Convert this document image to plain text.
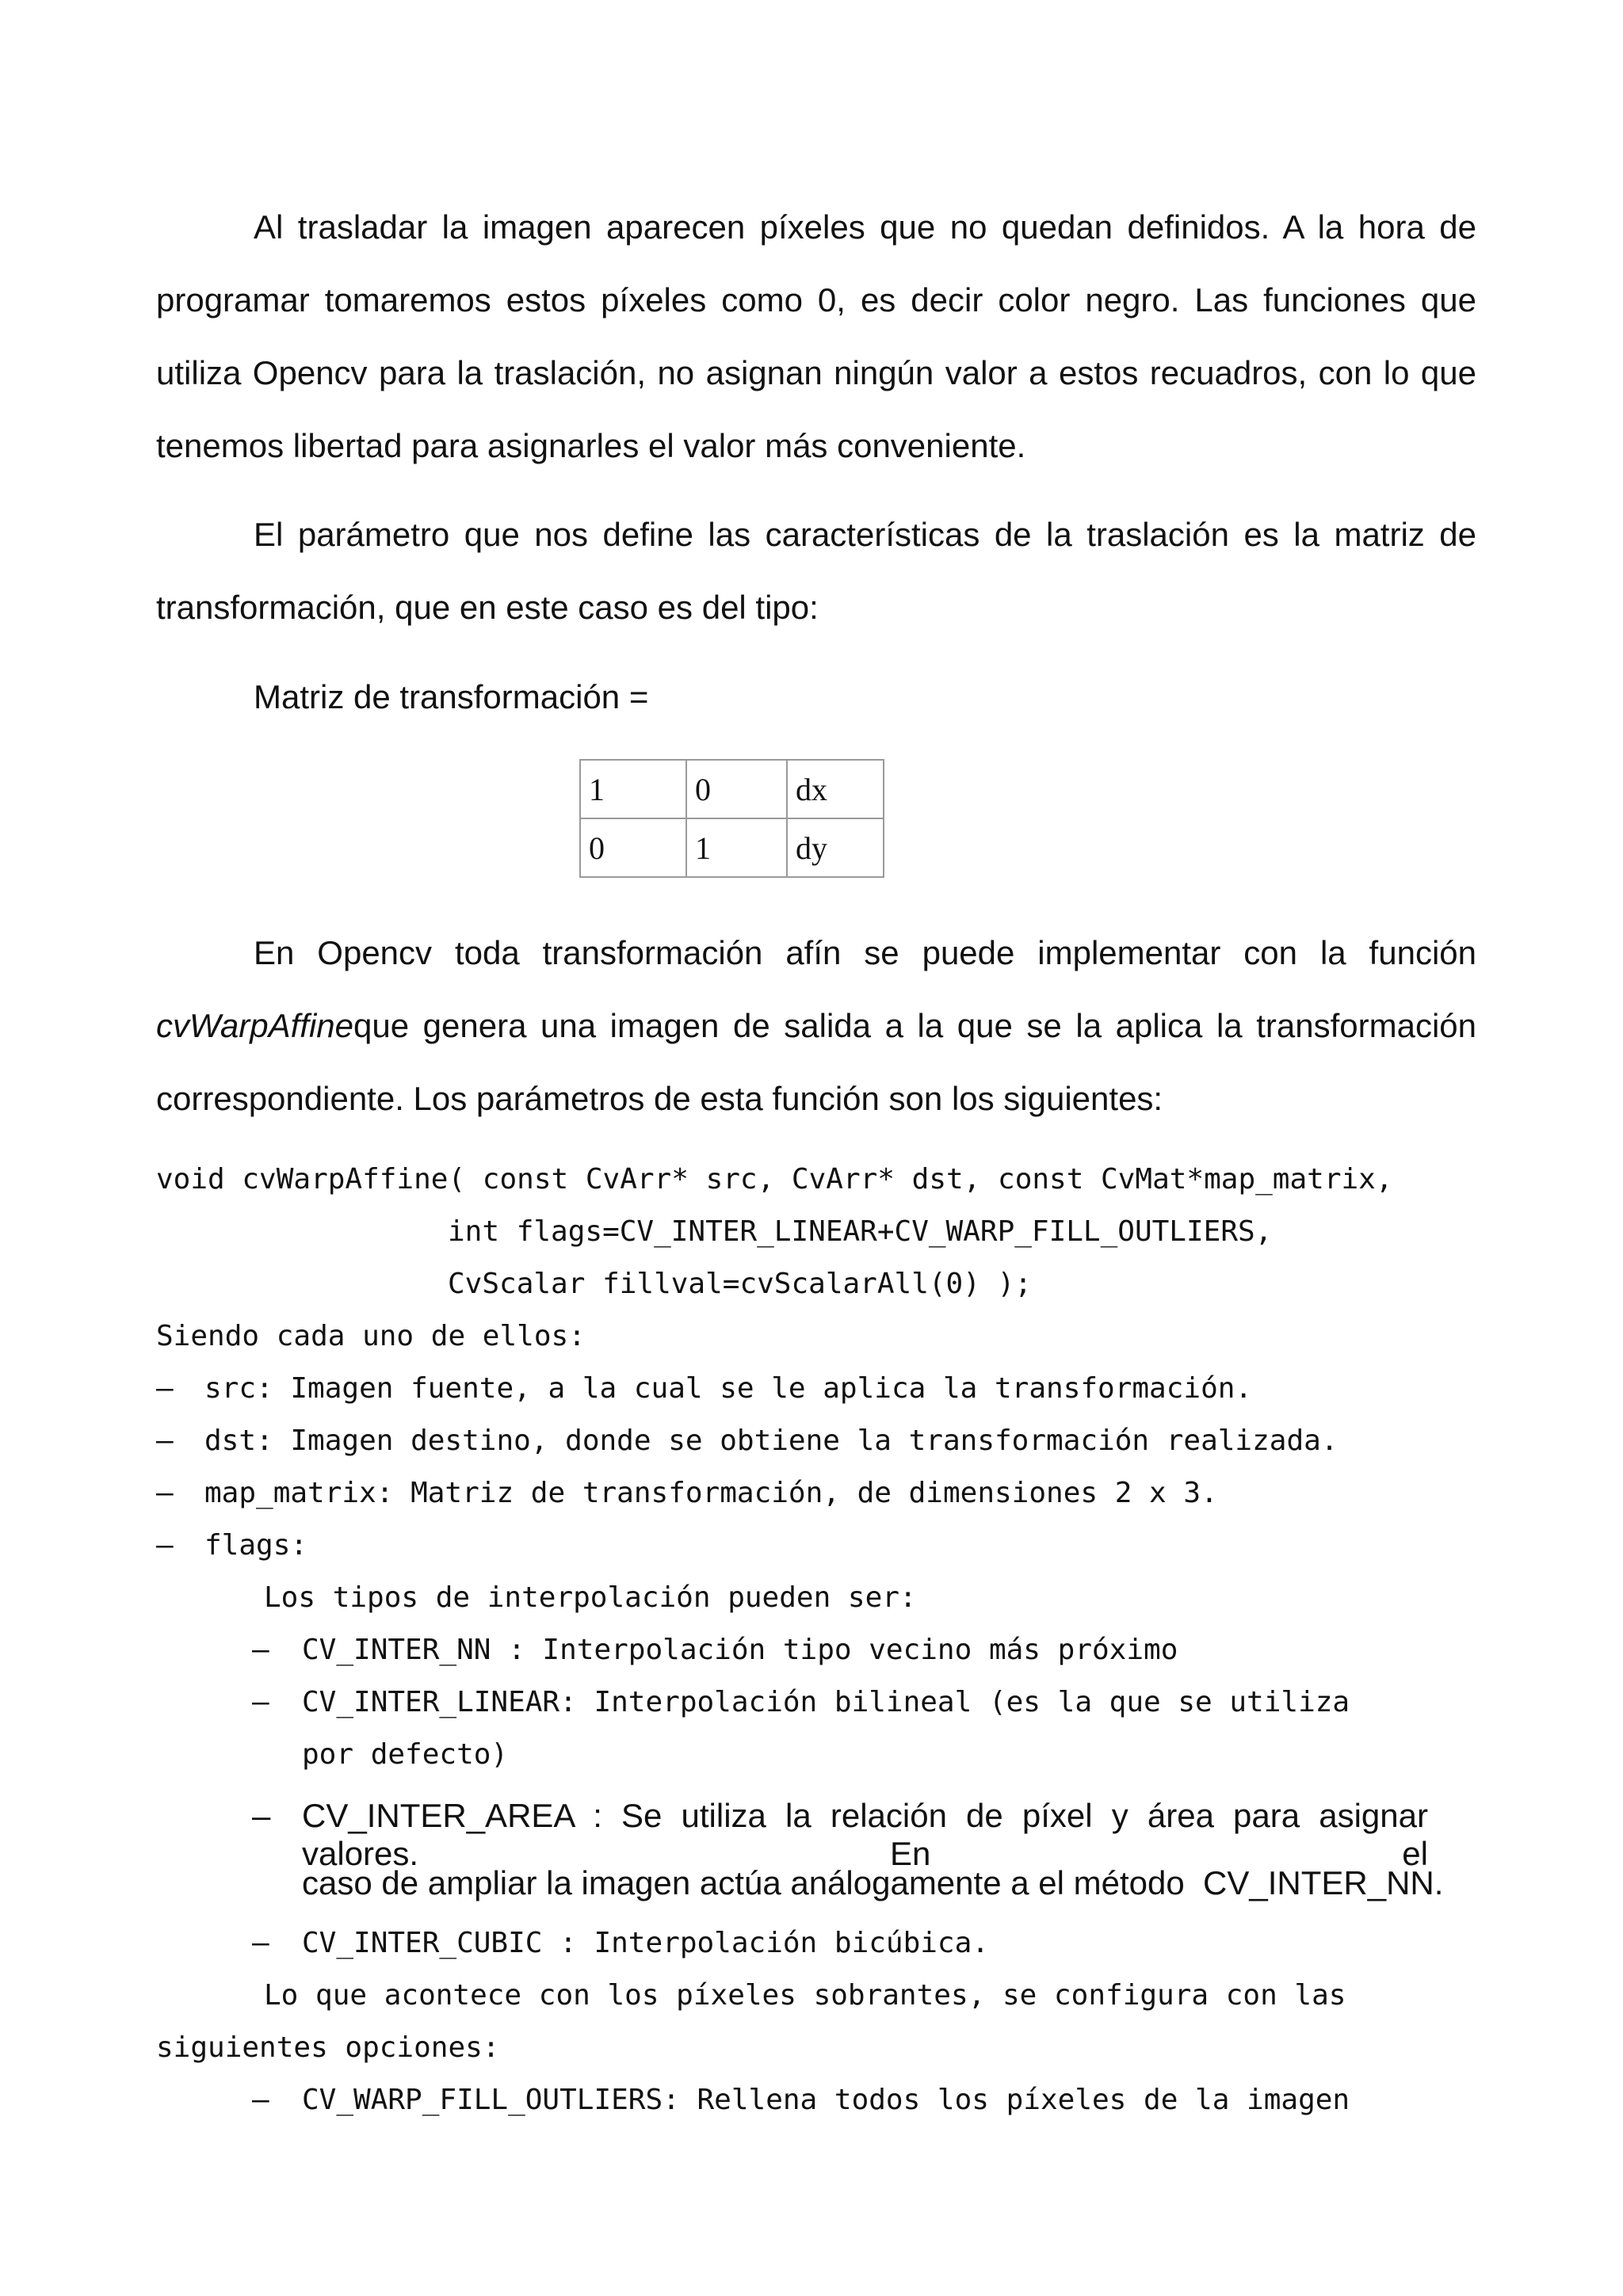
Al trasladar la imagen aparecen píxeles que no quedan definidos. A la hora de
programar tomaremos estos píxeles como 0, es decir color negro. Las funciones que
utiliza Opencv para la traslación, no asignan ningún valor a estos recuadros, con lo que
tenemos libertad para asignarles el valor más conveniente.
El parámetro que nos define las características de la traslación es la matriz de
transformación, que en este caso es del tipo:
Matriz de transformación =
1	0	dx
0	1	dy
En Opencv toda transformación afín se puede implementar con la función
cvWarpAffine que genera una imagen de salida a la que se la aplica la transformación
correspondiente. Los parámetros de esta función son los siguientes:
void cvWarpAffine( const CvArr* src, CvArr* dst, const CvMat*map_matrix,
int flags=CV_INTER_LINEAR+CV_WARP_FILL_OUTLIERS,
CvScalar fillval=cvScalarAll(0) );
Siendo cada uno de ellos:
– src: Imagen fuente, a la cual se le aplica la transformación.
– dst: Imagen destino, donde se obtiene la transformación realizada.
– map_matrix: Matriz de transformación, de dimensiones 2 x 3.
– flags:
Los tipos de interpolación pueden ser:
– CV_INTER_NN : Interpolación tipo vecino más próximo
– CV_INTER_LINEAR: Interpolación bilineal (es la que se utiliza
por defecto)
– CV_INTER_AREA : Se utiliza la relación de píxel y área para asignar valores. En el
caso de ampliar la imagen actúa análogamente a el método  CV_INTER_NN.
– CV_INTER_CUBIC : Interpolación bicúbica.
Lo que acontece con los píxeles sobrantes, se configura con las
siguientes opciones:
– CV_WARP_FILL_OUTLIERS: Rellena todos los píxeles de la imagen
